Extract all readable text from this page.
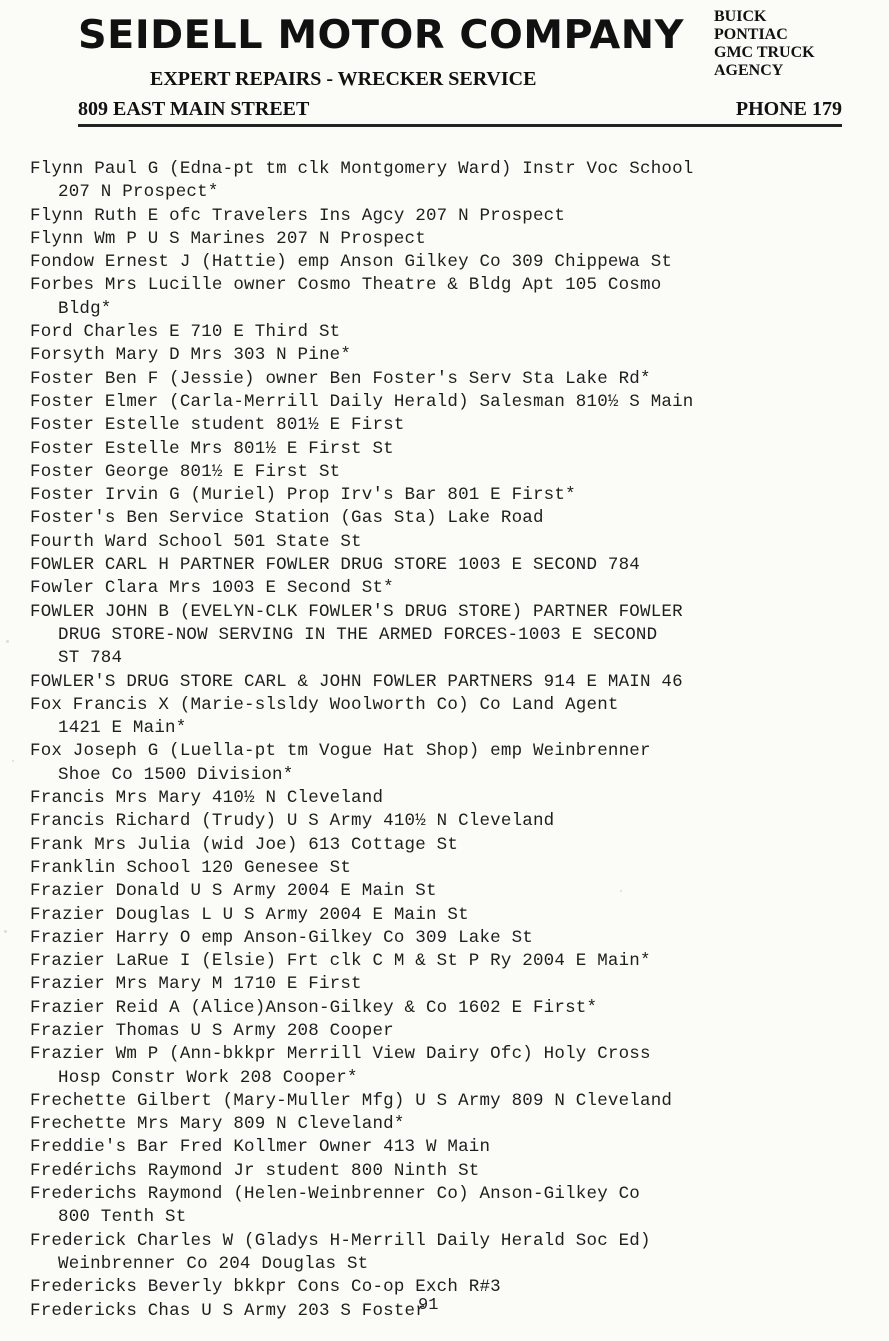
SEIDELL MOTOR COMPANY	BUICK
PONTIAC
GMC TRUCK
AGENCY
EXPERT REPAIRS - WRECKER SERVICE
809 EAST MAIN STREET	PHONE 179
Flynn Paul G (Edna-pt tm clk Montgomery Ward) Instr Voc School
207 N Prospect*
Flynn Ruth E ofc Travelers Ins Agcy 207 N Prospect
Flynn Wm P U S Marines 207 N Prospect
Fondow Ernest J (Hattie) emp Anson Gilkey Co 309 Chippewa St
Forbes Mrs Lucille owner Cosmo Theatre & Bldg Apt 105 Cosmo
Bldg*
Ford Charles E 710 E Third St
Forsyth Mary D Mrs 303 N Pine*
Foster Ben F (Jessie) owner Ben Foster's Serv Sta Lake Rd*
Foster Elmer (Carla-Merrill Daily Herald) Salesman 810½ S Main
Foster Estelle student 801½ E First
Foster Estelle Mrs 801½ E First St
Foster George 801½ E First St
Foster Irvin G (Muriel) Prop Irv's Bar 801 E First*
Foster's Ben Service Station (Gas Sta) Lake Road
Fourth Ward School 501 State St
FOWLER CARL H PARTNER FOWLER DRUG STORE 1003 E SECOND 784
Fowler Clara Mrs 1003 E Second St*
FOWLER JOHN B (EVELYN-CLK FOWLER'S DRUG STORE) PARTNER FOWLER
DRUG STORE-NOW SERVING IN THE ARMED FORCES-1003 E SECOND
ST 784
FOWLER'S DRUG STORE CARL & JOHN FOWLER PARTNERS 914 E MAIN 46
Fox Francis X (Marie-slsldy Woolworth Co) Co Land Agent
1421 E Main*
Fox Joseph G (Luella-pt tm Vogue Hat Shop) emp Weinbrenner
Shoe Co 1500 Division*
Francis Mrs Mary 410½ N Cleveland
Francis Richard (Trudy) U S Army 410½ N Cleveland
Frank Mrs Julia (wid Joe) 613 Cottage St
Franklin School 120 Genesee St
Frazier Donald U S Army 2004 E Main St
Frazier Douglas L U S Army 2004 E Main St
Frazier Harry O emp Anson-Gilkey Co 309 Lake St
Frazier LaRue I (Elsie) Frt clk C M & St P Ry 2004 E Main*
Frazier Mrs Mary M 1710 E First
Frazier Reid A (Alice)Anson-Gilkey & Co 1602 E First*
Frazier Thomas U S Army 208 Cooper
Frazier Wm P (Ann-bkkpr Merrill View Dairy Ofc) Holy Cross
Hosp Constr Work 208 Cooper*
Frechette Gilbert (Mary-Muller Mfg) U S Army 809 N Cleveland
Frechette Mrs Mary 809 N Cleveland*
Freddie's Bar Fred Kollmer Owner 413 W Main
Fredérichs Raymond Jr student 800 Ninth St
Frederichs Raymond (Helen-Weinbrenner Co) Anson-Gilkey Co
800 Tenth St
Frederick Charles W (Gladys H-Merrill Daily Herald Soc Ed)
Weinbrenner Co 204 Douglas St
Fredericks Beverly bkkpr Cons Co-op Exch R#3
Fredericks Chas U S Army 203 S Foster
91
